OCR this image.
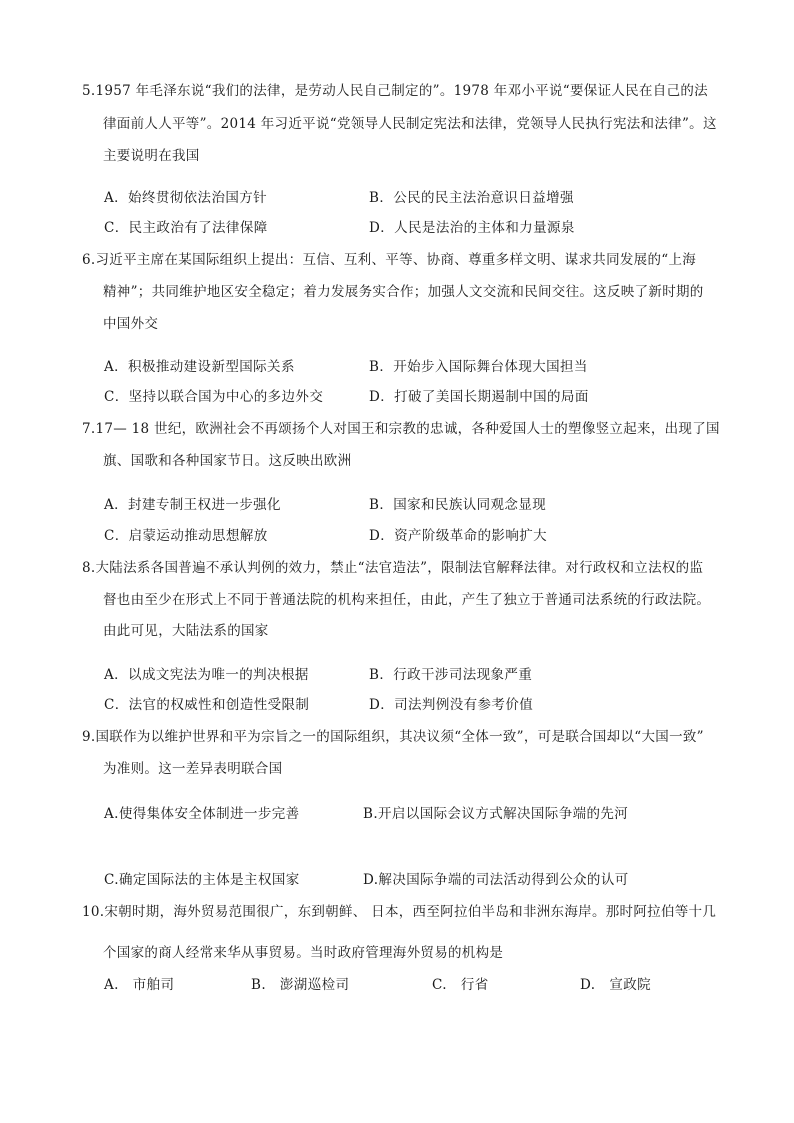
5.1957 年毛泽东说“我们的法律，是劳动人民自己制定的”。1978 年邓小平说“要保证人民在自己的法
律面前人人平等”。2014 年习近平说“党领导人民制定宪法和法律，党领导人民执行宪法和法律”。这
主要说明在我国
A．始终贯彻依法治国方针	B．公民的民主法治意识日益增强
C．民主政治有了法律保障	D．人民是法治的主体和力量源泉
6.习近平主席在某国际组织上提出：互信、互利、平等、协商、尊重多样文明、谋求共同发展的“上海
精神”；共同维护地区安全稳定；着力发展务实合作；加强人文交流和民间交往。这反映了新时期的
中国外交
A．积极推动建设新型国际关系	B．开始步入国际舞台体现大国担当
C．坚持以联合国为中心的多边外交	D．打破了美国长期遏制中国的局面
7.17— 18 世纪，欧洲社会不再颂扬个人对国王和宗教的忠诚，各种爱国人士的塑像竖立起来，出现了国
旗、国歌和各种国家节日。这反映出欧洲
A．封建专制王权进一步强化	B．国家和民族认同观念显现
C．启蒙运动推动思想解放	D．资产阶级革命的影响扩大
8.大陆法系各国普遍不承认判例的效力，禁止“法官造法”，限制法官解释法律。对行政权和立法权的监
督也由至少在形式上不同于普通法院的机构来担任，由此，产生了独立于普通司法系统的行政法院。
由此可见，大陆法系的国家
A．以成文宪法为唯一的判决根据	B．行政干涉司法现象严重
C．法官的权威性和创造性受限制	D．司法判例没有参考价值
9.国联作为以维护世界和平为宗旨之一的国际组织，其决议须“全体一致”，可是联合国却以“大国一致”
为准则。这一差异表明联合国
A.使得集体安全体制进一步完善	B.开启以国际会议方式解决国际争端的先河
C.确定国际法的主体是主权国家	D.解决国际争端的司法活动得到公众的认可
10.宋朝时期，海外贸易范围很广，东到朝鲜、 日本，西至阿拉伯半岛和非洲东海岸。那时阿拉伯等十几
个国家的商人经常来华从事贸易。当时政府管理海外贸易的机构是
A.　市舶司	B.　澎湖巡检司	C.　行省	D.　宣政院
